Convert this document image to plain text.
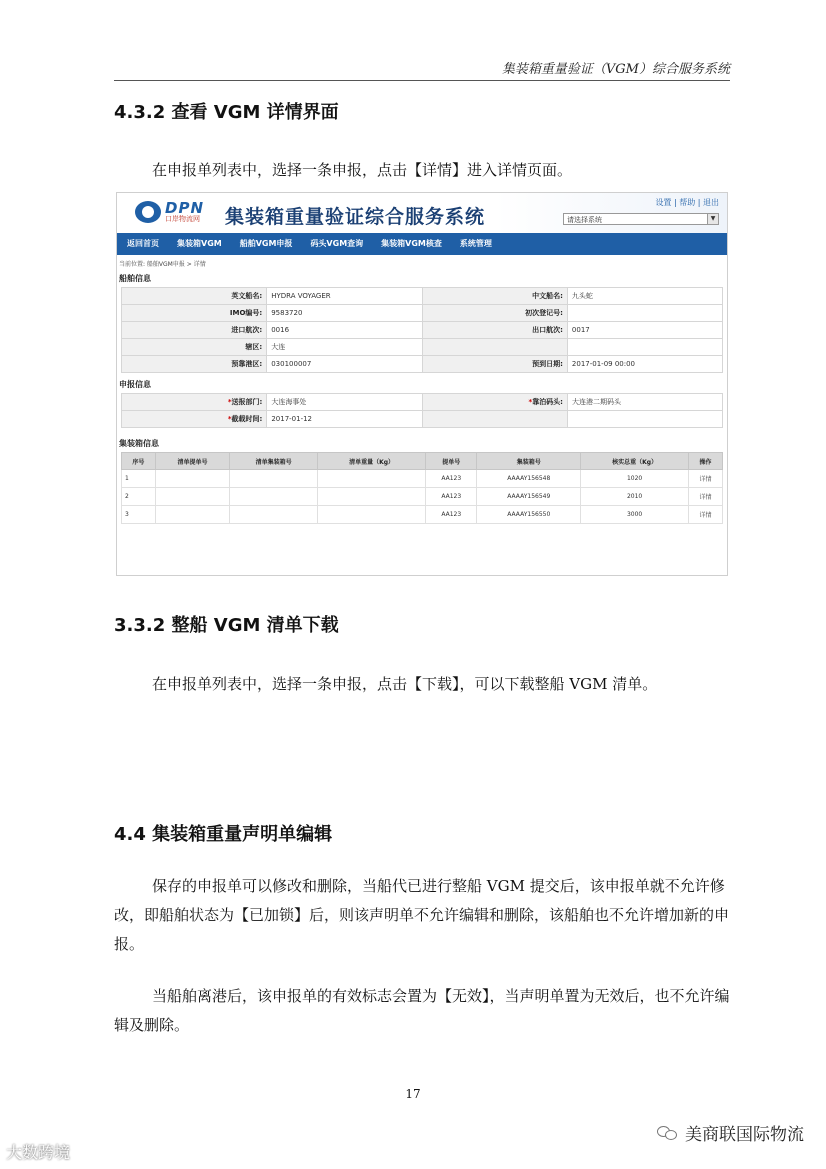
集装箱重量验证（VGM）综合服务系统
4.3.2 查看 VGM 详情界面
在申报单列表中，选择一条申报，点击【详情】进入详情页面。
DPN
口岸物流网 集装箱重量验证综合服务系统
设置 | 帮助 | 退出
请选择系统	▼
返回首页 集装箱VGM 船舶VGM申报 码头VGM查询 集装箱VGM核查 系统管理
当前位置: 船舶VGM申报 > 详情
船舶信息
英文船名:	HYDRA VOYAGER	中文船名:	九头蛇
IMO编号:	9583720	初次登记号:	
进口航次:	0016	出口航次:	0017
辖区:	大连		
预靠港区:	030100007	预到日期:	2017-01-09 00:00
申报信息
*送报部门:	大连海事处	*靠泊码头:	大连港二期码头
*截载时间:	2017-01-12		
集装箱信息
序号	清单提单号	清单集装箱号	清单重量（Kg）	提单号	集装箱号	核实总重（Kg）	操作
1				AA123	AAAAY156548	1020	详情
2				AA123	AAAAY156549	2010	详情
3				AA123	AAAAY156550	3000	详情
3.3.2 整船 VGM 清单下载
在申报单列表中，选择一条申报，点击【下载】，可以下载整船 VGM 清单。
4.4 集装箱重量声明单编辑
保存的申报单可以修改和删除，当船代已进行整船 VGM 提交后，该申报单就不允许修改，即船舶状态为【已加锁】后，则该声明单不允许编辑和删除，该船舶也不允许增加新的申报。
当船舶离港后，该申报单的有效标志会置为【无效】，当声明单置为无效后，也不允许编辑及删除。
17
大数跨境
美商联国际物流
